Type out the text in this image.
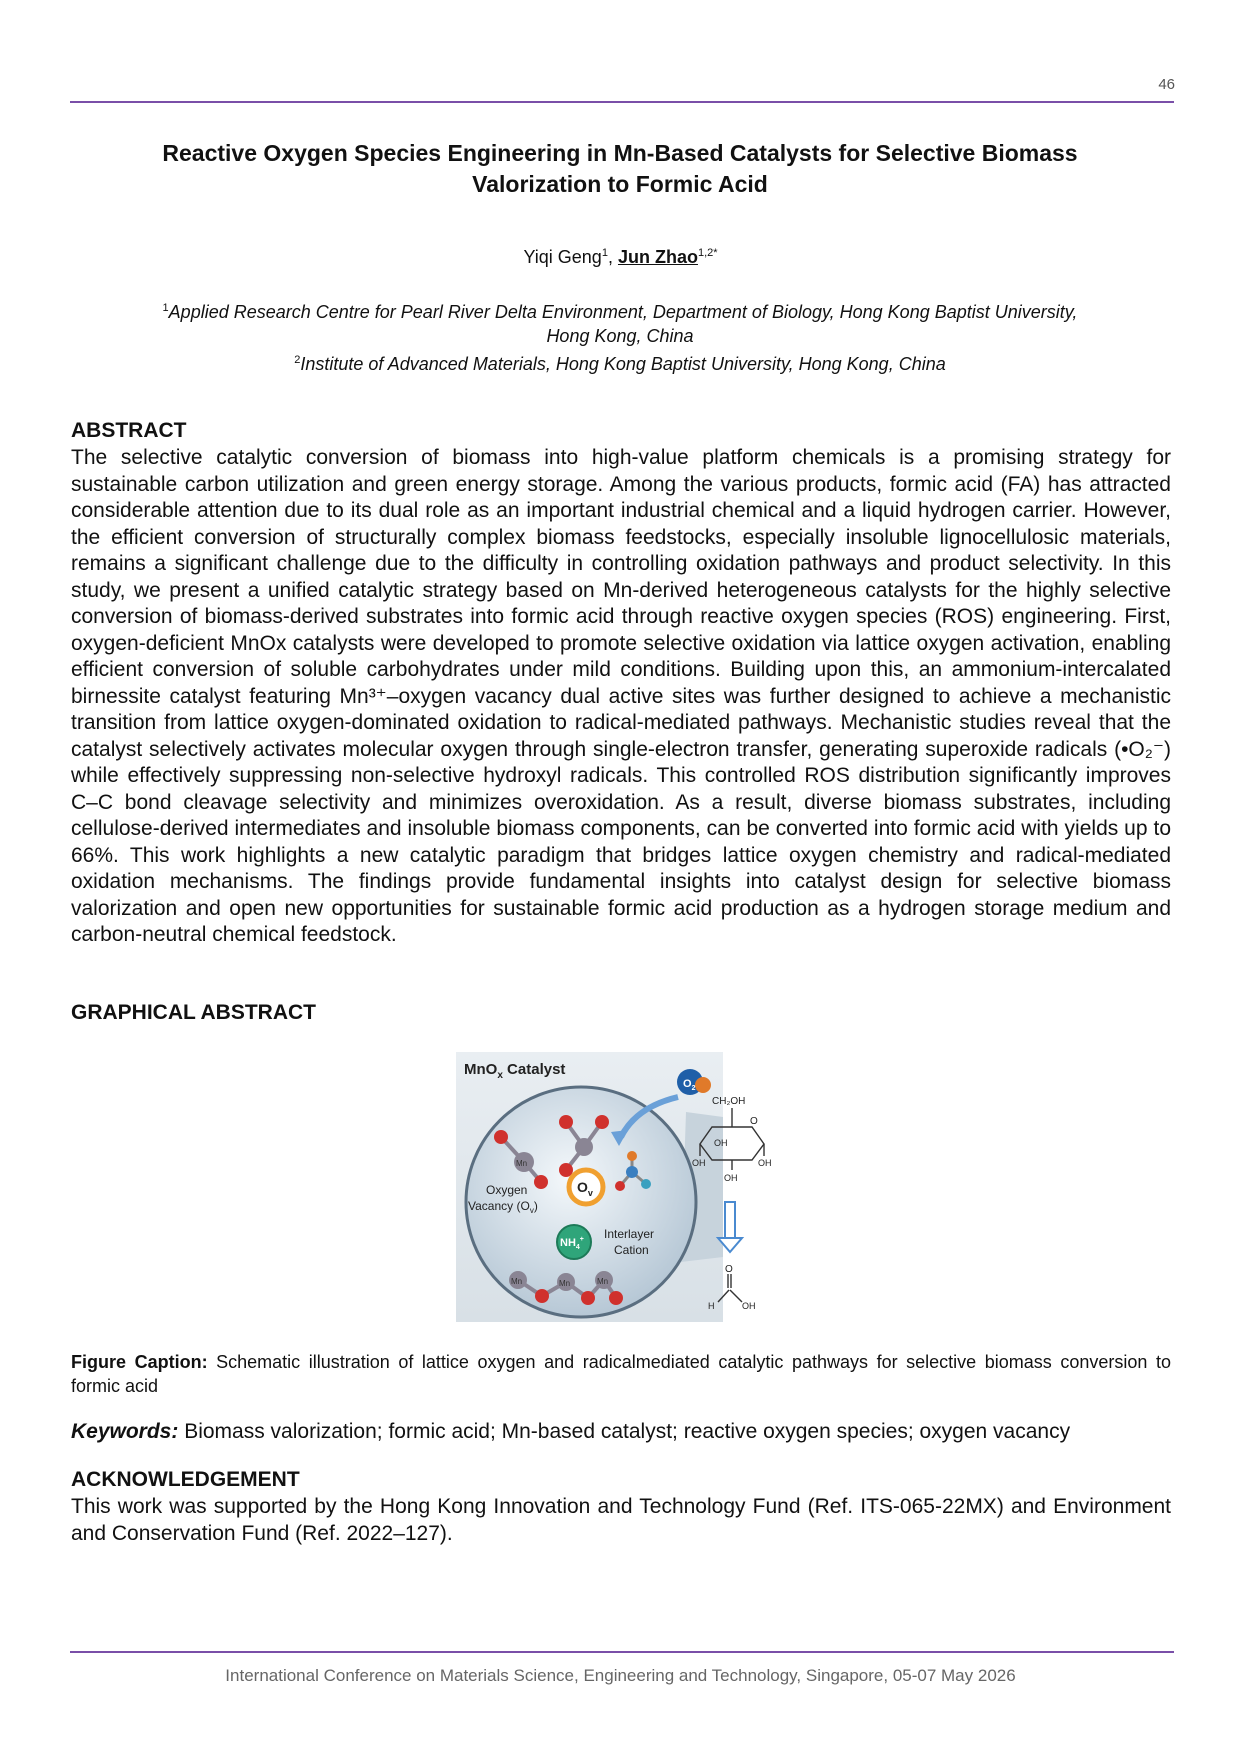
46
Reactive Oxygen Species Engineering in Mn-Based Catalysts for Selective Biomass
Valorization to Formic Acid
Yiqi Geng$^1$, Jun Zhao$^{1,2*}$
$^1$Applied Research Centre for Pearl River Delta Environment, Department of Biology, Hong Kong Baptist University,
Hong Kong, China
$^2$Institute of Advanced Materials, Hong Kong Baptist University, Hong Kong, China
ABSTRACT
The selective catalytic conversion of biomass into high-value platform chemicals is a promising strategy for sustainable carbon utilization and green energy storage. Among the various products, formic acid (FA) has attracted considerable attention due to its dual role as an important industrial chemical and a liquid hydrogen carrier. However, the efficient conversion of structurally complex biomass feedstocks, especially insoluble lignocellulosic materials, remains a significant challenge due to the difficulty in controlling oxidation pathways and product selectivity. In this study, we present a unified catalytic strategy based on Mn-derived heterogeneous catalysts for the highly selective conversion of biomass-derived substrates into formic acid through reactive oxygen species (ROS) engineering. First, oxygen-deficient MnOx catalysts were developed to promote selective oxidation via lattice oxygen activation, enabling efficient conversion of soluble carbohydrates under mild conditions. Building upon this, an ammonium-intercalated birnessite catalyst featuring Mn³⁺–oxygen vacancy dual active sites was further designed to achieve a mechanistic transition from lattice oxygen-dominated oxidation to radical-mediated pathways. Mechanistic studies reveal that the catalyst selectively activates molecular oxygen through single-electron transfer, generating superoxide radicals (•O₂⁻) while effectively suppressing non-selective hydroxyl radicals. This controlled ROS distribution significantly improves C–C bond cleavage selectivity and minimizes overoxidation. As a result, diverse biomass substrates, including cellulose-derived intermediates and insoluble biomass components, can be converted into formic acid with yields up to 66%. This work highlights a new catalytic paradigm that bridges lattice oxygen chemistry and radical-mediated oxidation mechanisms. The findings provide fundamental insights into catalyst design for selective biomass valorization and open new opportunities for sustainable formic acid production as a hydrogen storage medium and carbon-neutral chemical feedstock.
GRAPHICAL ABSTRACT
MnO$_x$ Catalyst
$O_2$
Mn
$O_v$
Oxygen
Vacancy $(O_v)$
$NH_4^+$ Interlayer
Cation
Mn	Mn	Mn
CH₂OH
O
OH
OH	OH
OH
O
H	OH
Figure Caption: Schematic illustration of lattice oxygen and radicalmediated catalytic pathways for selective biomass conversion to formic acid
Keywords: Biomass valorization; formic acid; Mn-based catalyst; reactive oxygen species; oxygen vacancy
ACKNOWLEDGEMENT
This work was supported by the Hong Kong Innovation and Technology Fund (Ref. ITS-065-22MX) and Environment and Conservation Fund (Ref. 2022–127).
International Conference on Materials Science, Engineering and Technology, Singapore, 05-07 May 2026
